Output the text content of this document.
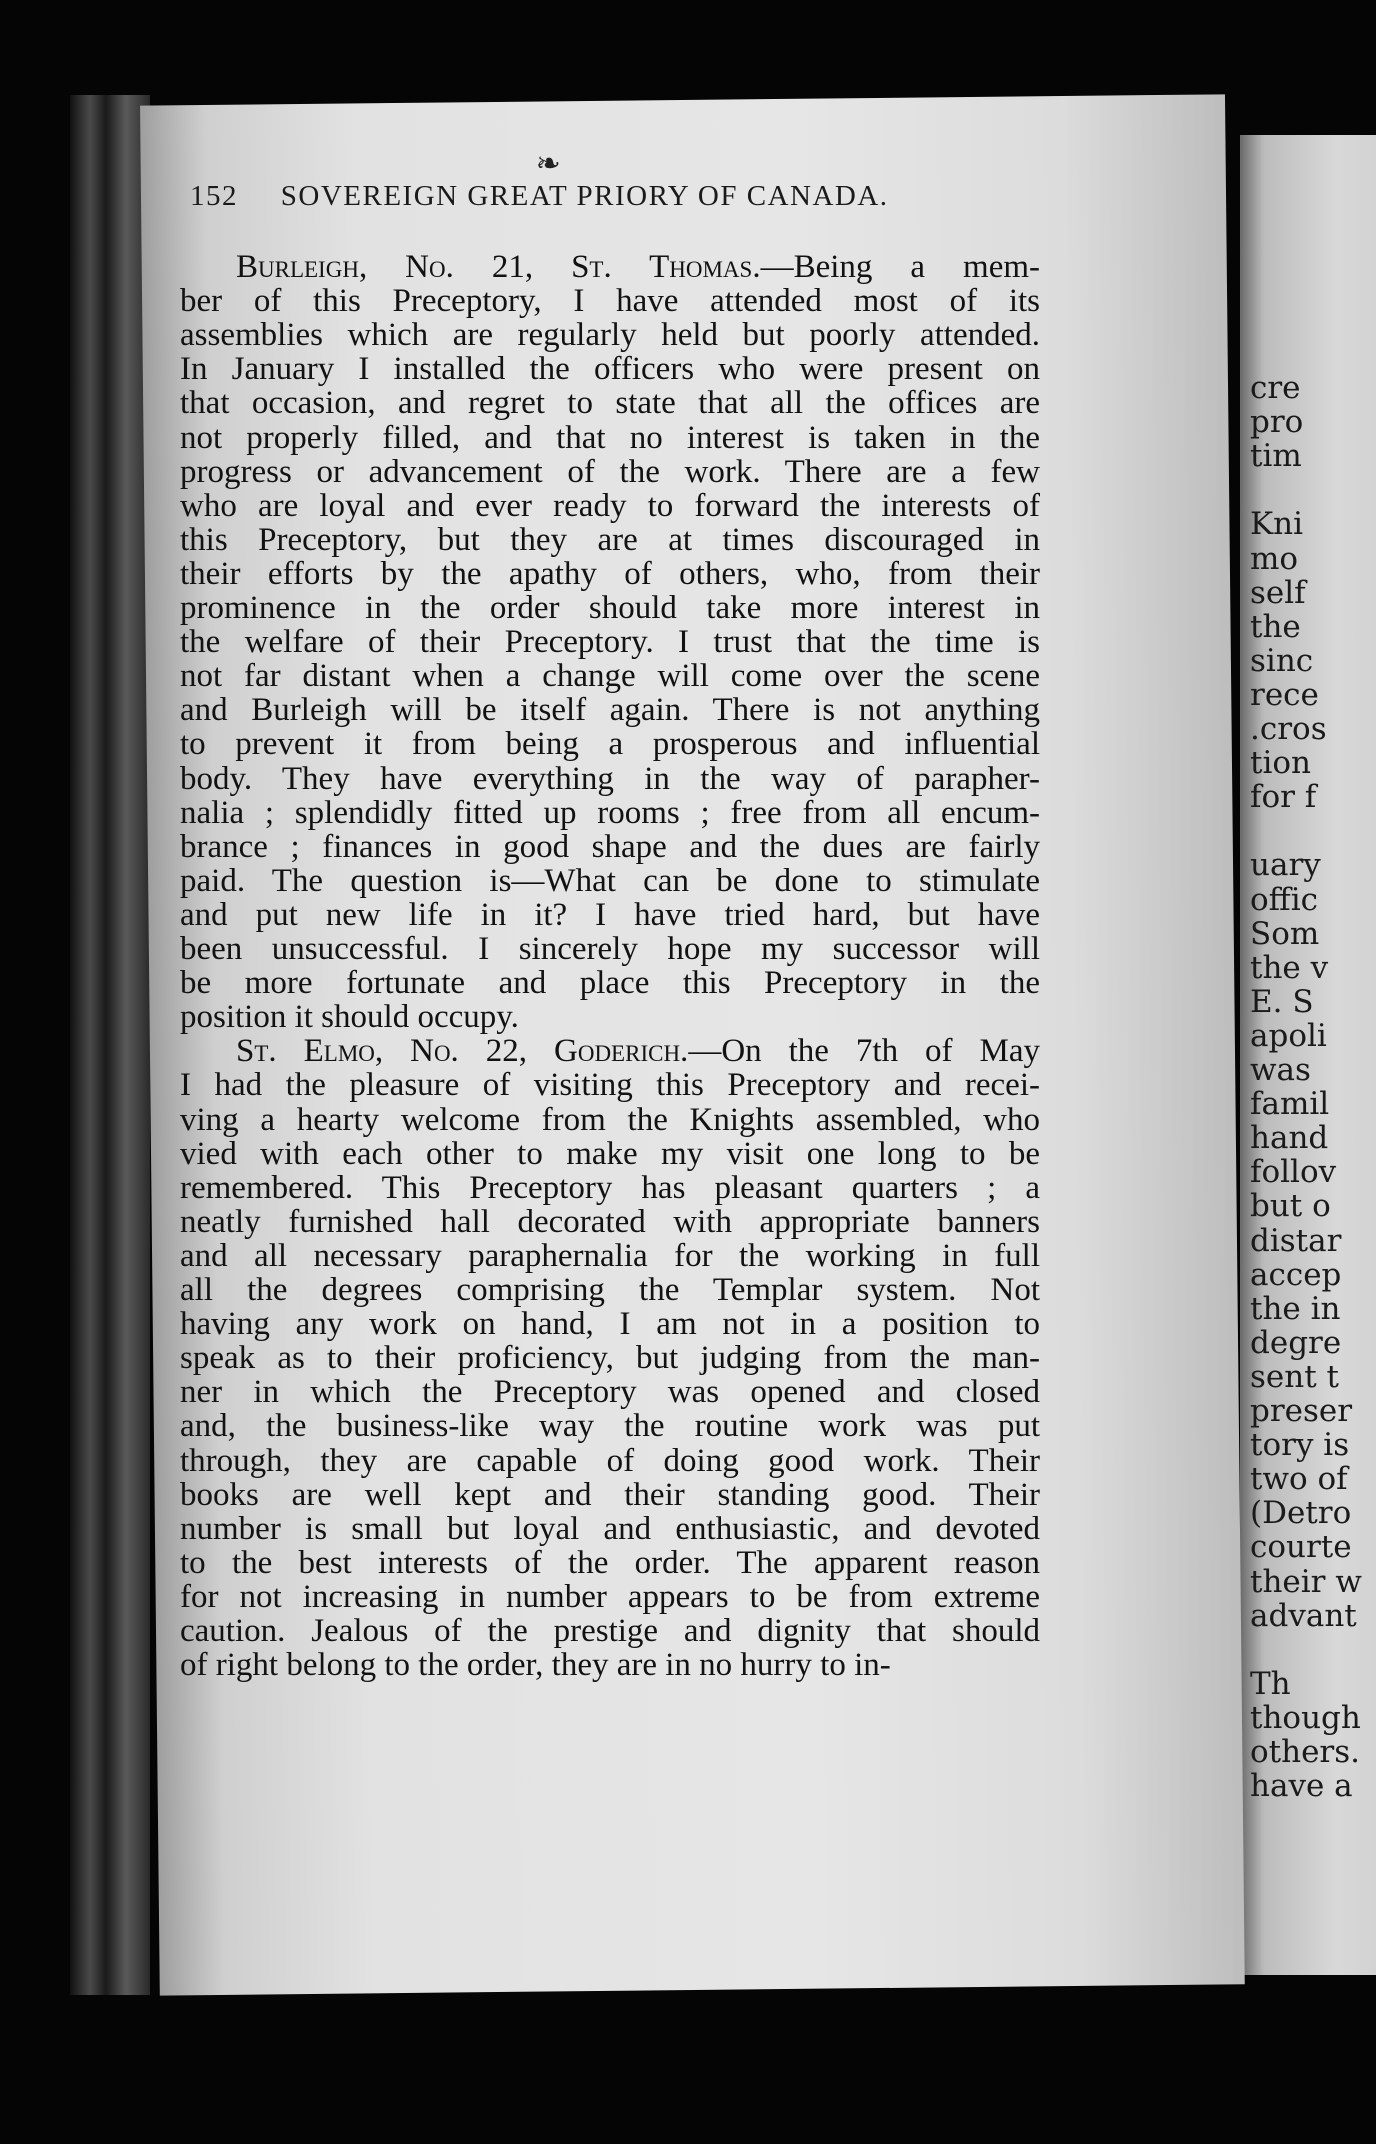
cre
pro
tim
Kni
mo
self
the
sinc
rece
.cros
tion
for f
uary
offic
Som
the v
E. S
apoli
was
famil
hand
follov
but o
distar
accep
the in
degre
sent t
preser
tory is
two of
(Detro
courte
their w
advant
Th
though
others.
have a
❧
152 SOVEREIGN GREAT PRIORY OF CANADA.
Burleigh, No. 21, St. Thomas.—Being a mem-
ber of this Preceptory, I have attended most of its
assemblies which are regularly held but poorly attended.
In January I installed the officers who were present on
that occasion, and regret to state that all the offices are
not properly filled, and that no interest is taken in the
progress or advancement of the work. There are a few
who are loyal and ever ready to forward the interests of
this Preceptory, but they are at times discouraged in
their efforts by the apathy of others, who, from their
prominence in the order should take more interest in
the welfare of their Preceptory. I trust that the time is
not far distant when a change will come over the scene
and Burleigh will be itself again. There is not anything
to prevent it from being a prosperous and influential
body. They have everything in the way of parapher-
nalia ; splendidly fitted up rooms ; free from all encum-
brance ; finances in good shape and the dues are fairly
paid. The question is—What can be done to stimulate
and put new life in it? I have tried hard, but have
been unsuccessful. I sincerely hope my successor will
be more fortunate and place this Preceptory in the
position it should occupy.
St. Elmo, No. 22, Goderich.—On the 7th of May
I had the pleasure of visiting this Preceptory and recei-
ving a hearty welcome from the Knights assembled, who
vied with each other to make my visit one long to be
remembered. This Preceptory has pleasant quarters ; a
neatly furnished hall decorated with appropriate banners
and all necessary paraphernalia for the working in full
all the degrees comprising the Templar system. Not
having any work on hand, I am not in a position to
speak as to their proficiency, but judging from the man-
ner in which the Preceptory was opened and closed
and, the business-like way the routine work was put
through, they are capable of doing good work. Their
books are well kept and their standing good. Their
number is small but loyal and enthusiastic, and devoted
to the best interests of the order. The apparent reason
for not increasing in number appears to be from extreme
caution. Jealous of the prestige and dignity that should
of right belong to the order, they are in no hurry to in-
